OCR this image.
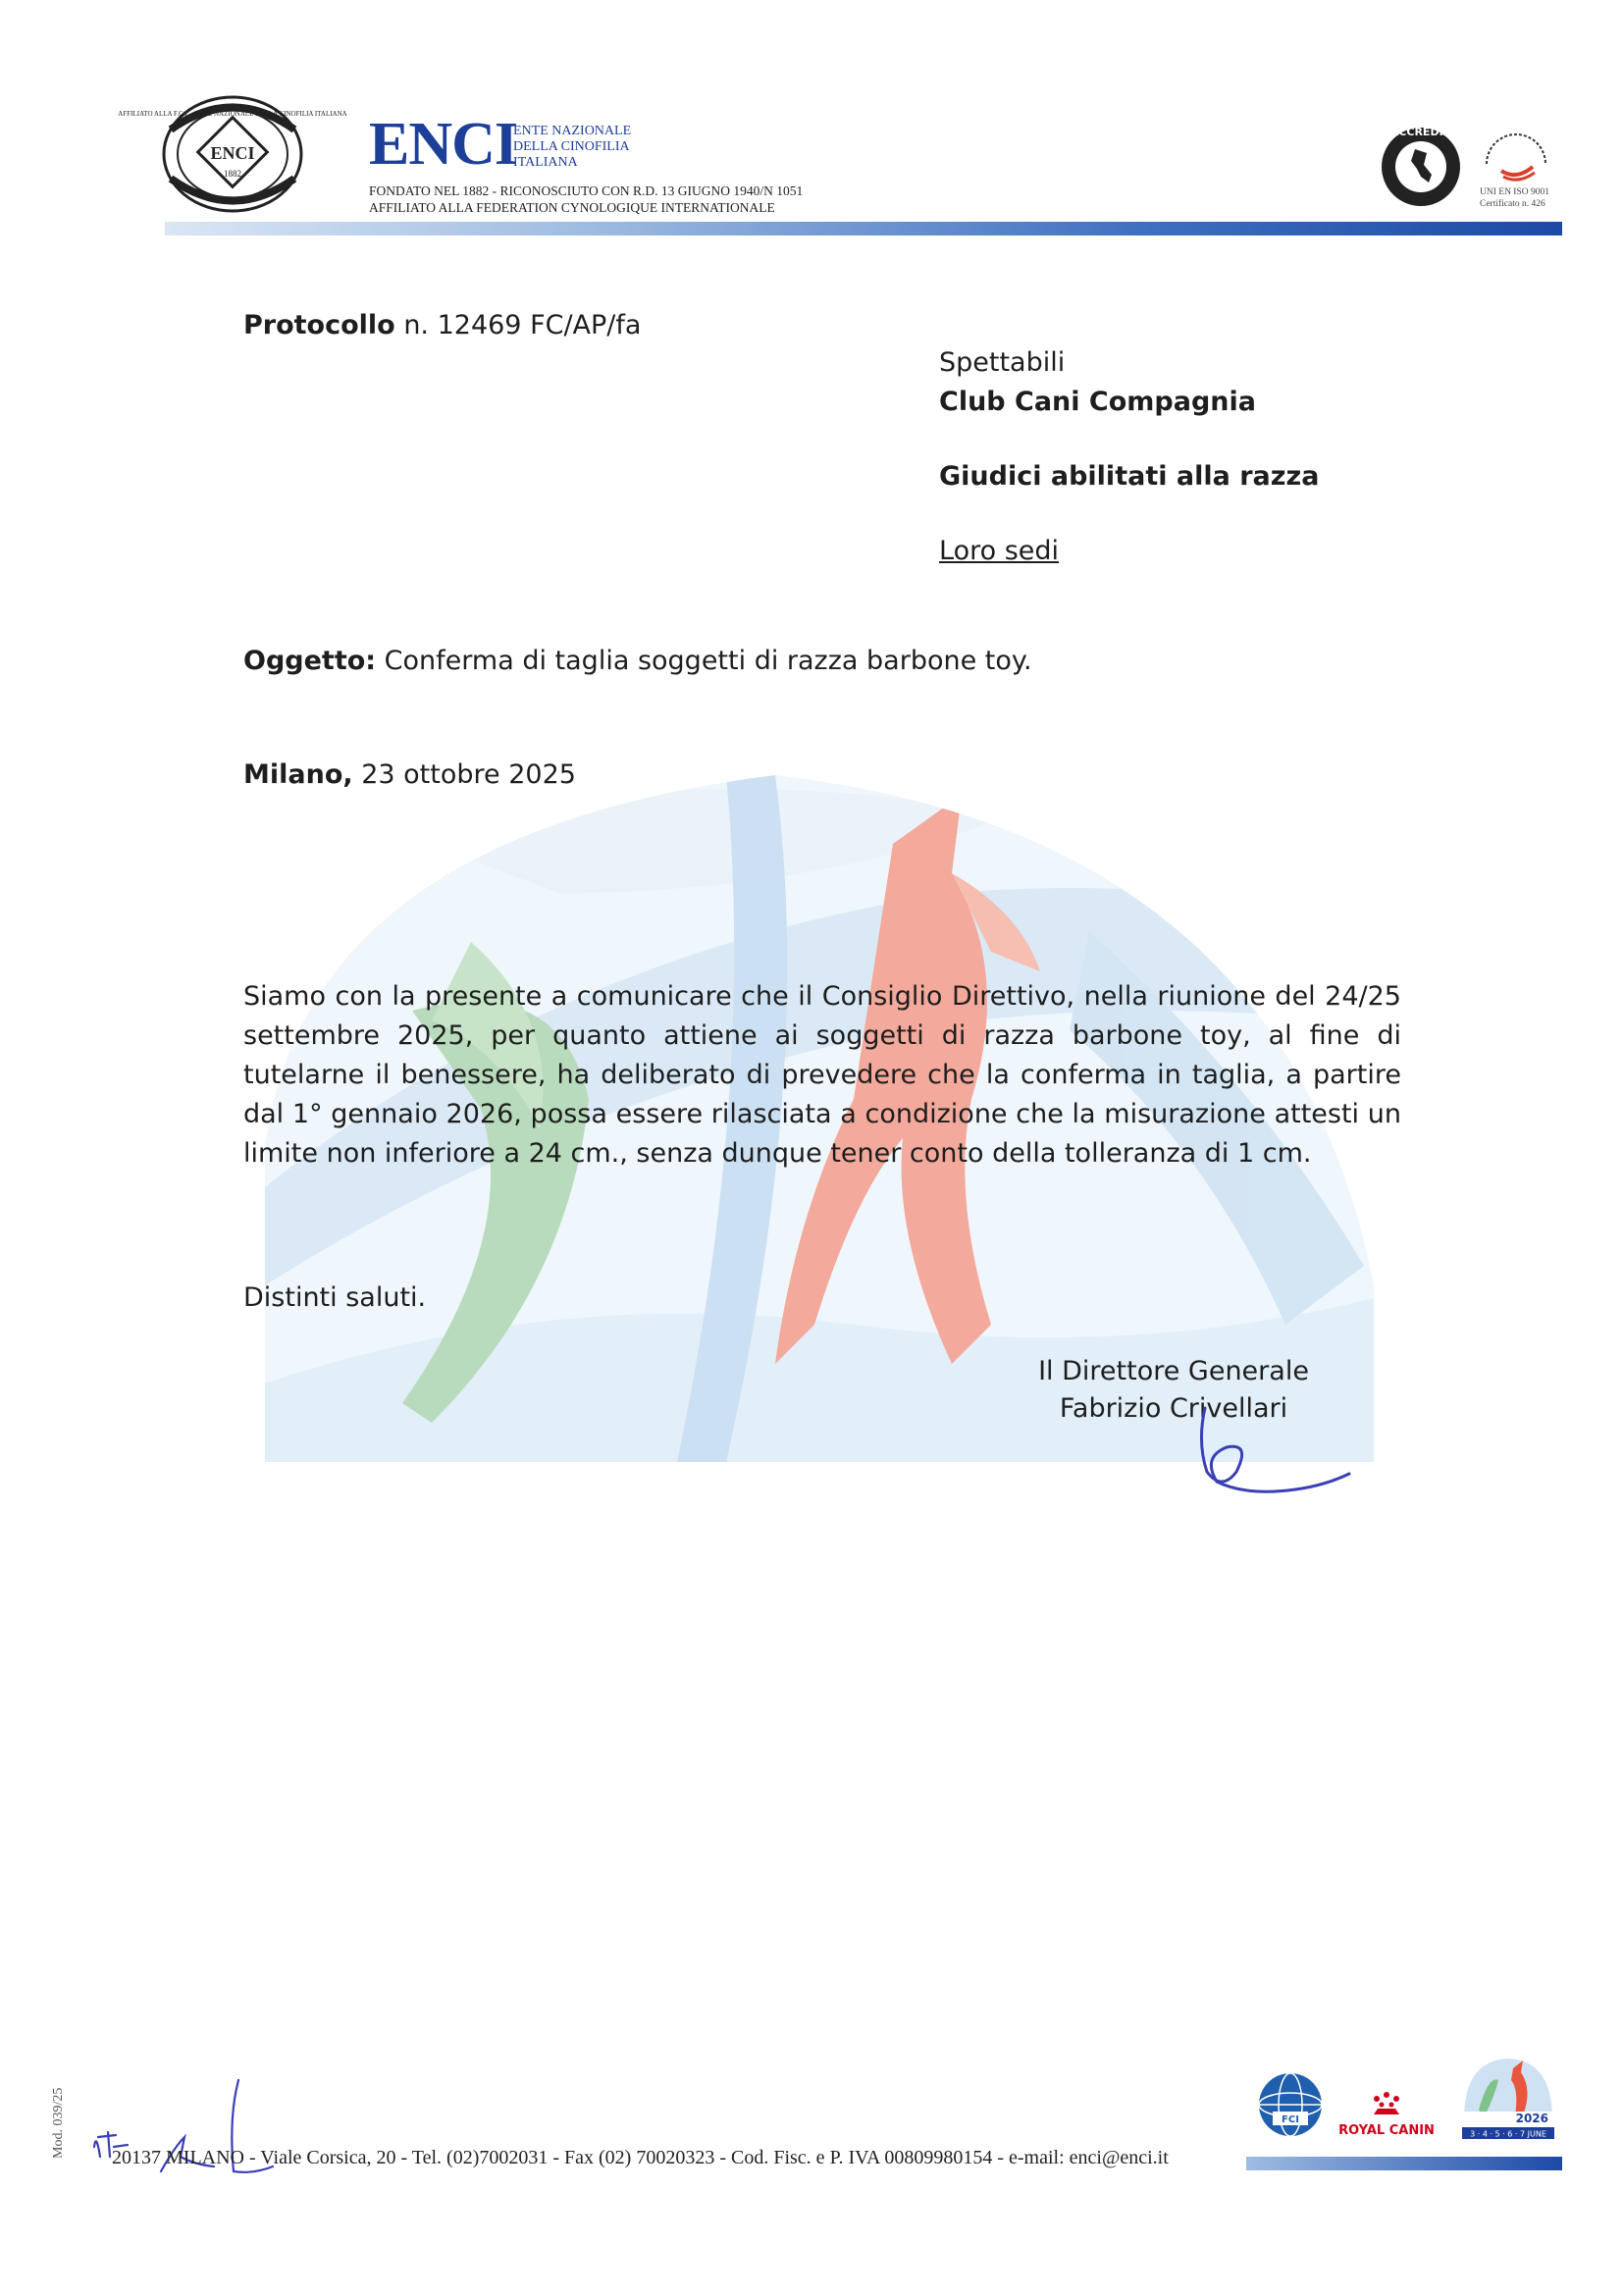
ENCI
1882
AFFILIATO ALLA F.C.I. · ENTE NAZIONALE DELLA CINOFILIA ITALIANA ENCI
ENTE NAZIONALE
DELLA CINOFILIA
ITALIANA
FONDATO NEL 1882 - RICONOSCIUTO CON R.D. 13 GIUGNO 1940/N 1051
AFFILIATO ALLA FEDERATION CYNOLOGIQUE INTERNATIONALE
ACCREDIA
UNI EN ISO 9001
Certificato n. 426
Protocollo n. 12469 FC/AP/fa
Spettabili
Club Cani Compagnia
Giudici abilitati alla razza
Loro sedi
Oggetto: Conferma di taglia soggetti di razza barbone toy.
Milano, 23 ottobre 2025
Siamo con la presente a comunicare che il Consiglio Direttivo, nella riunione del 24/25 settembre 2025, per quanto attiene ai soggetti di razza barbone toy, al fine di tutelarne il benessere, ha deliberato di prevedere che la conferma in taglia, a partire dal 1° gennaio 2026, possa essere rilasciata a condizione che la misurazione attesti un limite non inferiore a 24 cm., senza dunque tener conto della tolleranza di 1 cm.
Distinti saluti.
Il Direttore Generale
Fabrizio Crivellari
Mod. 039/25 20137 MILANO - Viale Corsica, 20 - Tel. (02)7002031 - Fax (02) 70020323 - Cod. Fisc. e P. IVA 00809980154 - e-mail: enci@enci.it
FCI
ROYAL CANIN
2026
3 · 4 · 5 · 6 · 7 JUNE
